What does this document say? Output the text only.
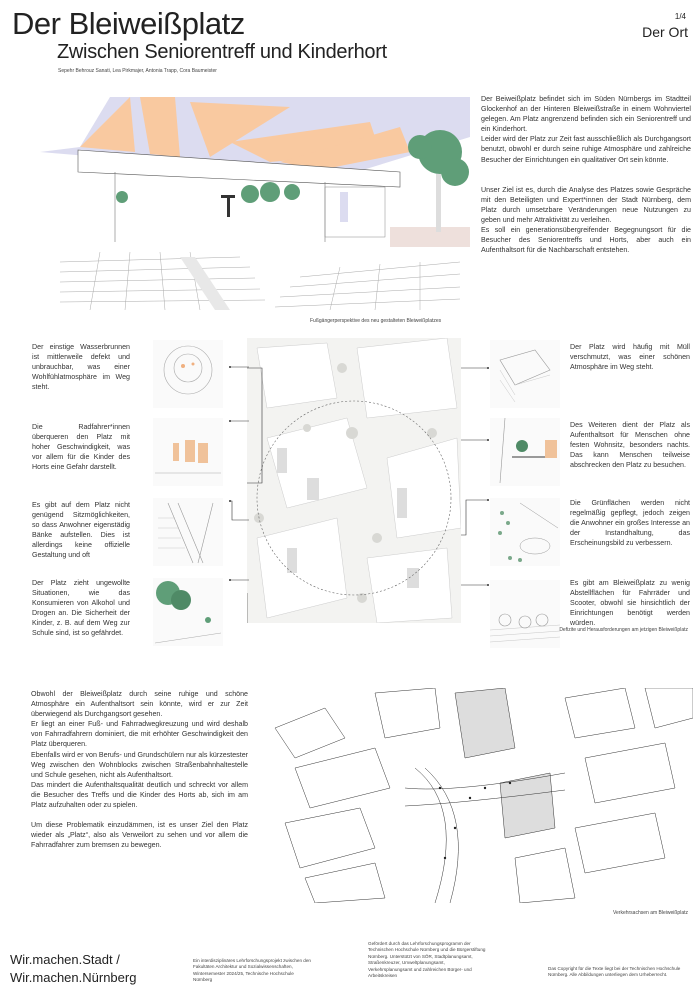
Der Bleiweißplatz
Zwischen Seniorentreff und Kinderhort
Sepehr Behrouz Sanati, Lea Pirkmajer, Antonia Trapp, Cora Baumeister
1/4
Der Ort
Fußgängerperspektive des neu gestalteten Bleiweißplatzes

Der Beiweißplatz befindet sich im Süden Nürnbergs im Stadtteil Glockenhof an der Hinteren Bleiweißstraße in einem Wohnviertel gelegen. Am Platz angrenzend befinden sich ein Seniorentreff und ein Kinderhort.

Leider wird der Platz zur Zeit fast ausschließlich als Durchgangsort benutzt, obwohl er durch seine ruhige Atmosphäre und zahlreiche Besucher der Einrichtungen ein qualitativer Ort sein könnte.

Unser Ziel ist es, durch die Analyse des Platzes sowie Gespräche mit den Beteiligten und Expert*innen der Stadt Nürnberg, dem Platz durch umsetzbare Veränderungen neue Nutzungen zu geben und mehr Attraktivität zu verleihen.

Es soll ein generationsübergreifender Begegnungsort für die Besucher des Seniorentreffs und Horts, aber auch ein Aufenthaltsort für die Nachbarschaft entstehen.

Der einstige Wasserbrunnen ist mittlerweile defekt und unbrauchbar, was einer Wohlfühlatmosphäre im Weg steht.
Die Radfahrer*innen überqueren den Platz mit hoher Geschwindigkeit, was vor allem für die Kinder des Horts eine Gefahr darstellt.
Es gibt auf dem Platz nicht genügend Sitzmöglichkeiten, so dass Anwohner eigenstädig Bänke aufstellen. Dies ist allerdings keine offizielle Gestaltung und oft
Der Platz zieht ungewollte Situationen, wie das Konsumieren von Alkohol und Drogen an. Die Sicherheit der Kinder, z. B. auf dem Weg zur Schule sind, ist so gefährdet.
Der Platz wird häufig mit Müll verschmutzt, was einer schönen Atmosphäre im Weg steht.
Des Weiteren dient der Platz als Aufenthaltsort für Menschen ohne festen Wohnsitz, besonders nachts. Das kann Menschen teilweise abschrecken den Platz zu besuchen.
Die Grünflächen werden nicht regelmäßig gepflegt, jedoch zeigen die Anwohner ein großes Interesse an der Instandhaltung, das Erscheinungsbild zu verbessern.
Es gibt am Bleiweißplatz zu wenig Abstellflächen für Fahrräder und Scooter, obwohl sie hinsichtlich der Einrichtungen benötigt werden würden.
Defizite und Herausforderungen am jetzigen Bleiweißplatz

Obwohl der Bleiweißplatz durch seine ruhige und schöne Atmosphäre ein Aufenthaltsort sein könnte, wird er zur Zeit überwiegend als Durchgangsort gesehen.

Er liegt an einer Fuß- und Fahrradwegkreuzung und wird deshalb von Fahrradfahrern dominiert, die mit erhöhter Geschwindigkeit den Platz überqueren.

Ebenfalls wird er von Berufs- und Grundschülern nur als kürzestester Weg zwischen den Wohnblocks zwischen Straßenbahnhaltestelle und Schule gesehen, nicht als Aufenthaltsort.

Das mindert die Aufenthaltsqualität deutlich und schreckt vor allem die Besucher des Treffs und die Kinder des Horts ab, sich im am Platz aufzuhalten oder zu spielen.

Um diese Problematik einzudämmen, ist es unser Ziel den Platz wieder als „Platz“, also als Verweilort zu sehen und vor allem die Fahrradfahrer zum bremsen zu bewegen.

Verkehrsachsen am Bleiweißplatz
Wir.machen.Stadt /
Wir.machen.Nürnberg
Ein interdisziplinäres Lehrforschungsprojekt zwischen den Fakultäten Architektur und Sozialwissenschaften, Wintersemester 2024/25, Technische Hochschule Nürnberg
Gefördert durch das Lehrforschungsprogramm der Technischen Hochschule Nürnberg und die Bürgerstiftung Nürnberg. Unterstützt von SÖR, Stadtplanungsamt, Straßenkreuzer, Umweltplanungsamt, Verkehrsplanungsamt und zahlreichen Bürger- und Arbeitskreisen
Das Copyright für die Texte liegt bei der Technischen Hochschule Nürnberg. Alle Abbildungen unterliegen dem Urheberrecht.
